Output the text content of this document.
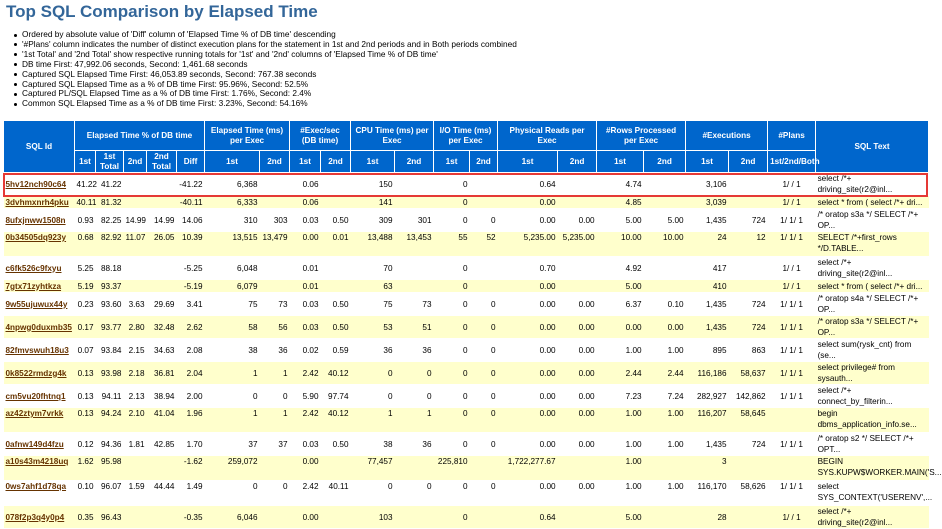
Top SQL Comparison by Elapsed Time
Ordered by absolute value of 'Diff' column of 'Elapsed Time % of DB time' descending
'#Plans' column indicates the number of distinct execution plans for the statement in 1st and 2nd periods and in Both periods combined
'1st Total' and '2nd Total' show respective running totals for '1st' and '2nd' columns of 'Elapsed Time % of DB time'
DB time First: 47,992.06 seconds, Second: 1,461.68 seconds
Captured SQL Elapsed Time First: 46,053.89 seconds, Second: 767.38 seconds
Captured SQL Elapsed Time as a % of DB time First: 95.96%, Second: 52.5%
Captured PL/SQL Elapsed Time as a % of DB time First: 1.76%, Second: 2.4%
Common SQL Elapsed Time as a % of DB time First: 3.23%, Second: 54.16%
SQL Id	Elapsed Time % of DB time					Elapsed Time (ms) per Exec		#Exec/sec (DB time)		CPU Time (ms) per Exec		I/O Time (ms) per Exec		Physical Reads per Exec		#Rows Processed per Exec		#Executions		#Plans	SQL Text
	1st	1st Total	2nd	2nd Total	Diff	1st	2nd	1st	2nd	1st	2nd	1st	2nd	1st	2nd	1st	2nd	1st	2nd	1st/2nd/Both	
5hv12nch90c64	41.22	41.22			-41.22	6,368		0.06		150		0		0.64		4.74		3,106		1/ / 1	select /*+ driving_site(r2@inl...
3dvhmxnrh4pku	40.11	81.32			-40.11	6,333		0.06		141		0		0.00		4.85		3,039		1/ / 1	select * from ( select /*+ dri...
8ufxjnww1508n	0.93	82.25	14.99	14.99	14.06	310	303	0.03	0.50	309	301	0	0	0.00	0.00	5.00	5.00	1,435	724	1/ 1/ 1	/* oratop s3a */ SELECT /*+ OP...
0b34505dq923y	0.68	82.92	11.07	26.05	10.39	13,515	13,479	0.00	0.01	13,488	13,453	55	52	5,235.00	5,235.00	10.00	10.00	24	12	1/ 1/ 1	SELECT /*+first_rows */D.TABLE...
c6fk526c9fxyu	5.25	88.18			-5.25	6,048		0.01		70		0		0.70		4.92		417		1/ / 1	select /*+ driving_site(r2@inl...
7gtx71zyhtkza	5.19	93.37			-5.19	6,079		0.01		63		0		0.00		5.00		410		1/ / 1	select * from ( select /*+ dri...
9w55ujuwux44y	0.23	93.60	3.63	29.69	3.41	75	73	0.03	0.50	75	73	0	0	0.00	0.00	6.37	0.10	1,435	724	1/ 1/ 1	/* oratop s4a */ SELECT /*+ OP...
4npwg0duxmb35	0.17	93.77	2.80	32.48	2.62	58	56	0.03	0.50	53	51	0	0	0.00	0.00	0.00	0.00	1,435	724	1/ 1/ 1	/* oratop s3a */ SELECT /*+ OP...
82fmvswuh18u3	0.07	93.84	2.15	34.63	2.08	38	36	0.02	0.59	36	36	0	0	0.00	0.00	1.00	1.00	895	863	1/ 1/ 1	select sum(rysk_cnt) from (se...
0k8522rmdzg4k	0.13	93.98	2.18	36.81	2.04	1	1	2.42	40.12	0	0	0	0	0.00	0.00	2.44	2.44	116,186	58,637	1/ 1/ 1	select privilege# from sysauth...
cm5vu20fhtnq1	0.13	94.11	2.13	38.94	2.00	0	0	5.90	97.74	0	0	0	0	0.00	0.00	7.23	7.24	282,927	142,862	1/ 1/ 1	select /*+ connect_by_filterin...
az42ztym7vrkk	0.13	94.24	2.10	41.04	1.96	1	1	2.42	40.12	1	1	0	0	0.00	0.00	1.00	1.00	116,207	58,645		begin dbms_application_info.se...
0afnw149d4fzu	0.12	94.36	1.81	42.85	1.70	37	37	0.03	0.50	38	36	0	0	0.00	0.00	1.00	1.00	1,435	724	1/ 1/ 1	/* oratop s2 */ SELECT /*+ OPT...
a10s43m4218uq	1.62	95.98			-1.62	259,072		0.00		77,457		225,810		1,722,277.67		1.00		3			BEGIN SYS.KUPW$WORKER.MAIN('S...
0ws7ahf1d78qa	0.10	96.07	1.59	44.44	1.49	0	0	2.42	40.11	0	0	0	0	0.00	0.00	1.00	1.00	116,170	58,626	1/ 1/ 1	select SYS_CONTEXT('USERENV',...
078f2p3q4y0p4	0.35	96.43			-0.35	6,046		0.00		103		0		0.64		5.00		28		1/ / 1	select /*+ driving_site(r2@inl...
